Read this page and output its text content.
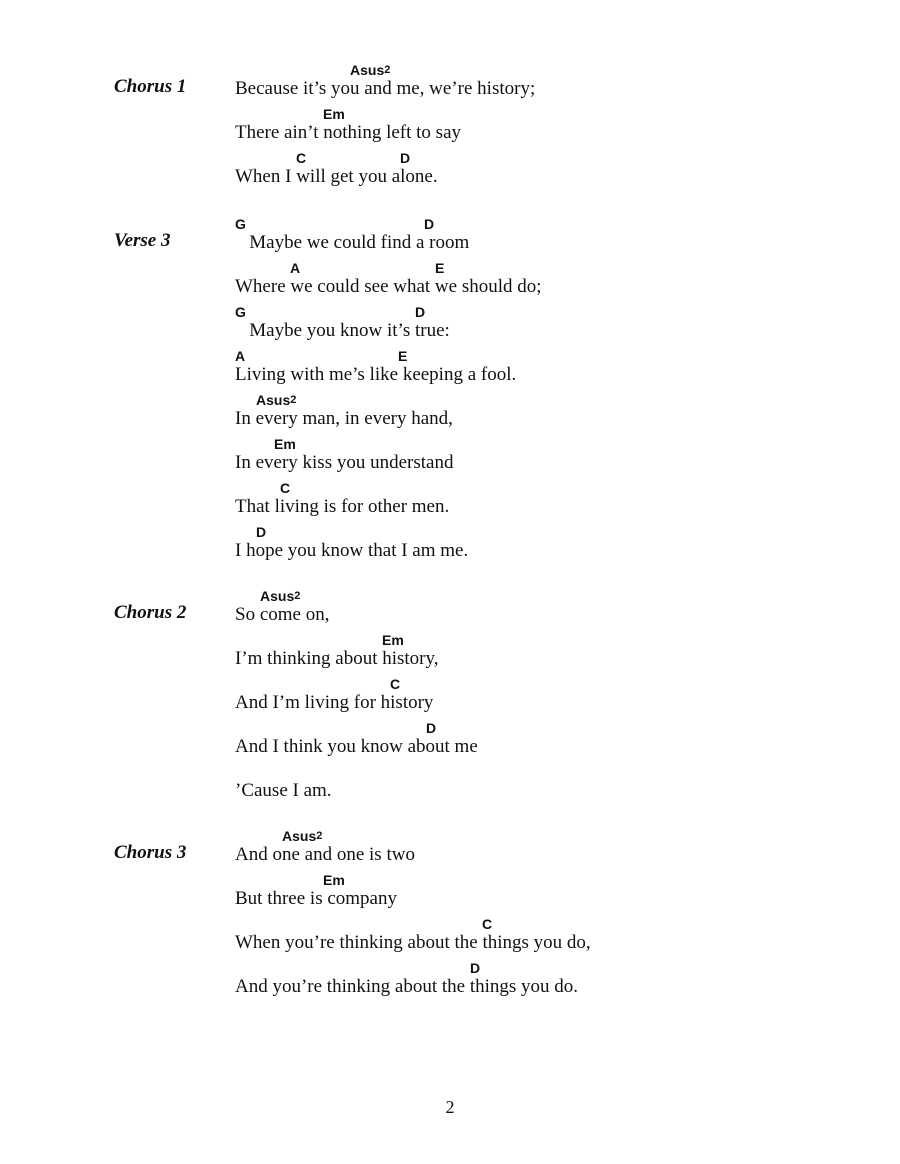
Chorus 1	Because it’s you and me, we’re history;
Asus2
There ain’t nothing left to say
Em
When I will get you alone.
C	D
Verse 3	Maybe we could find a room
G	D
Where we could see what we should do;
A	E
Maybe you know it’s true:
G	D
Living with me’s like keeping a fool.
A	E
In every man, in every hand,
Asus2
In every kiss you understand
Em
That living is for other men.
C
I hope you know that I am me.
D
Chorus 2	So come on,
Asus2
I’m thinking about history,
Em
And I’m living for history
C
And I think you know about me
D
’Cause I am.
Chorus 3	And one and one is two
Asus2
But three is company
Em
When you’re thinking about the things you do,
C
And you’re thinking about the things you do.
D
2
